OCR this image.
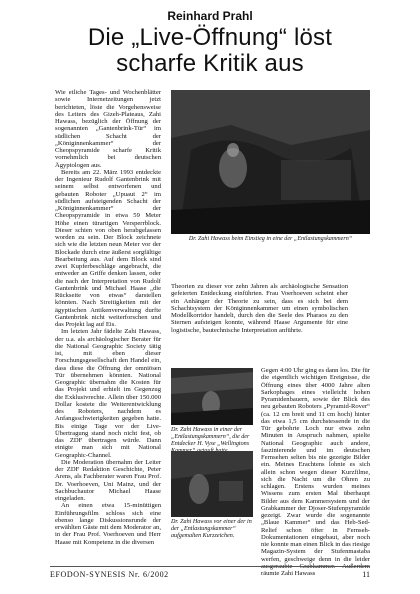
Reinhard Prahl
Die „Live-Öffnung“ löst
scharfe Kritik aus

Wie etliche Tages- und Wochenblätter sowie Internetzeitungen jetzt berichteten, löste die Vorgehensweise des Leiters des Gizeh-Plateaus, Zahi Hawass, bezüglich der Öffnung der sogenannten „Gantenbrink-Tür“ im südlichen Schacht der „Königinnenkammer“ der Cheopspyramide scharfe Kritik vornehmlich bei deutschen Ägyptologen aus.

Bereits am 22. März 1993 entdeckte der Ingenieur Rudolf Gantenbrink mit seinem selbst entworfenen und gebauten Roboter „Upuaut 2“ im südlichen aufsteigenden Schacht der „Königinnenkammer“ der Cheopspyramide in etwa 59 Meter Höhe einen türartigen Versperrblock. Dieser schien von oben herabgelassen worden zu sein. Der Block zeichnete sich wie die letzten neun Meter vor der Blockade durch eine äußerst sorgfältige Bearbeitung aus. Auf dem Block sind zwei Kupferbeschläge angebracht, die entweder an Griffe denken lassen, oder die nach der Interpretation von Rudolf Gantenbrink und Michael Haase „die Rückseite von etwas“ darstellen könnten. Nach Streitigkeiten mit der ägyptischen Antikenverwaltung durfte Gantenbrink nicht weiterforschen und das Projekt lag auf Eis.

Im letzten Jahr fädelte Zahi Hawass, der u.a. als archäologischer Berater für die National Geographic Society tätig ist, mit eben dieser Forschungsgesellschaft den Handel ein, dass diese die Öffnung der omniösen Tür übernehmen könnten. National Geographic übernahm die Kosten für das Projekt und erhielt im Gegenzug die Exklusivrechte. Allein über 150.000 Dollar kostete die Weiterentwicklung des Roboters, nachdem es Anfangsschwierigkeiten gegeben hatte. Bis einige Tage vor der Live-Übertragung stand noch nicht fest, ob das ZDF übertragen würde. Dann einigte man sich mit National Geographic-Channel.

Die Moderation übernahm der Leiter der ZDF Redaktion Geschichte, Peter Arens, als Fachberater waren Frau Prof. Dr. Voerhoeven, Uni Mainz, und der Sachbuchautor Michael Haase eingeladen.

An einen etwa 15-minüttigen Einführungsfilm schloss sich eine ebenso lange Diskussionsrunde der erwählten Gäste mit dem Moderator an, in der Frau Prof. Voerhoeven und Herr Haase mit Kompetenz in die diversen

Dr. Zahi Hawass beim Einstieg in eine der „Entlastungskammern“

Theorien zu dieser vor zehn Jahren als archäologische Sensation gefeierten Entdeckung einführten. Frau Voerhoeven scheint eher ein Anhänger der Theorie zu sein, dass es sich bei dem Schachtsystem der Königinnenkammer um einen symbolischen Modellkorridor handelt, durch den die Seele des Pharaos zu den Sternen aufsteigen konnte, während Haase Argumente für eine logistische, bautechnische Interpretation anführte.

Dr. Zahi Hawass in einer der „Entlastungskammern“, die der Entdecker H. Vyse „Wellingtons
Dr. Zahi Hawass vor einer der in der „Entlastungskammer“ aufgemalten Kurzzeichen.

Gegen 4:00 Uhr ging es dann los. Die für die eigentlich wichtigen Ereignisse, die Öffnung eines über 4000 Jahre alten Sarkophages eines vielleicht hohen Pyramidenbauern, sowie der Blick des neu gebauten Roboters „Pyramid-Rover“ (ca. 12 cm breit und 11 cm hoch) hinter das etwa 1,5 cm durchstessende in die Tür gebohrte Loch nur etwa zehn Minuten in Anspruch nahmen, spielte National Geographic auch andere, faszinierende und im deutschen Fernsehen selten bis nie gezeigte Bilder ein. Meines Erachtens lohnte es sich allein schon wegen dieser Kurzfilme, sich die Nacht um die Ohren zu schlagen. Erstens wurden meines Wissens zum ersten Mal überhaupt Bilder aus dem Kammersystem und der Grabkammer der Djoser-Stufenpyramide gezeigt. Zwar wurde die sogenannte „Blaue Kammer“ und das Heb-Sed-Relief schon öfter in Fernseh-Dokumentationen eingebaut, aber noch nie konnte man einen Blick in das riesige Magazin-System der Stufenmastaba werfen, geschweige denn in die leider ausgeraubte Grabkammer. Außerdem räumte Zahi Hawass

EFODON-SYNESIS Nr. 6/2002	11
